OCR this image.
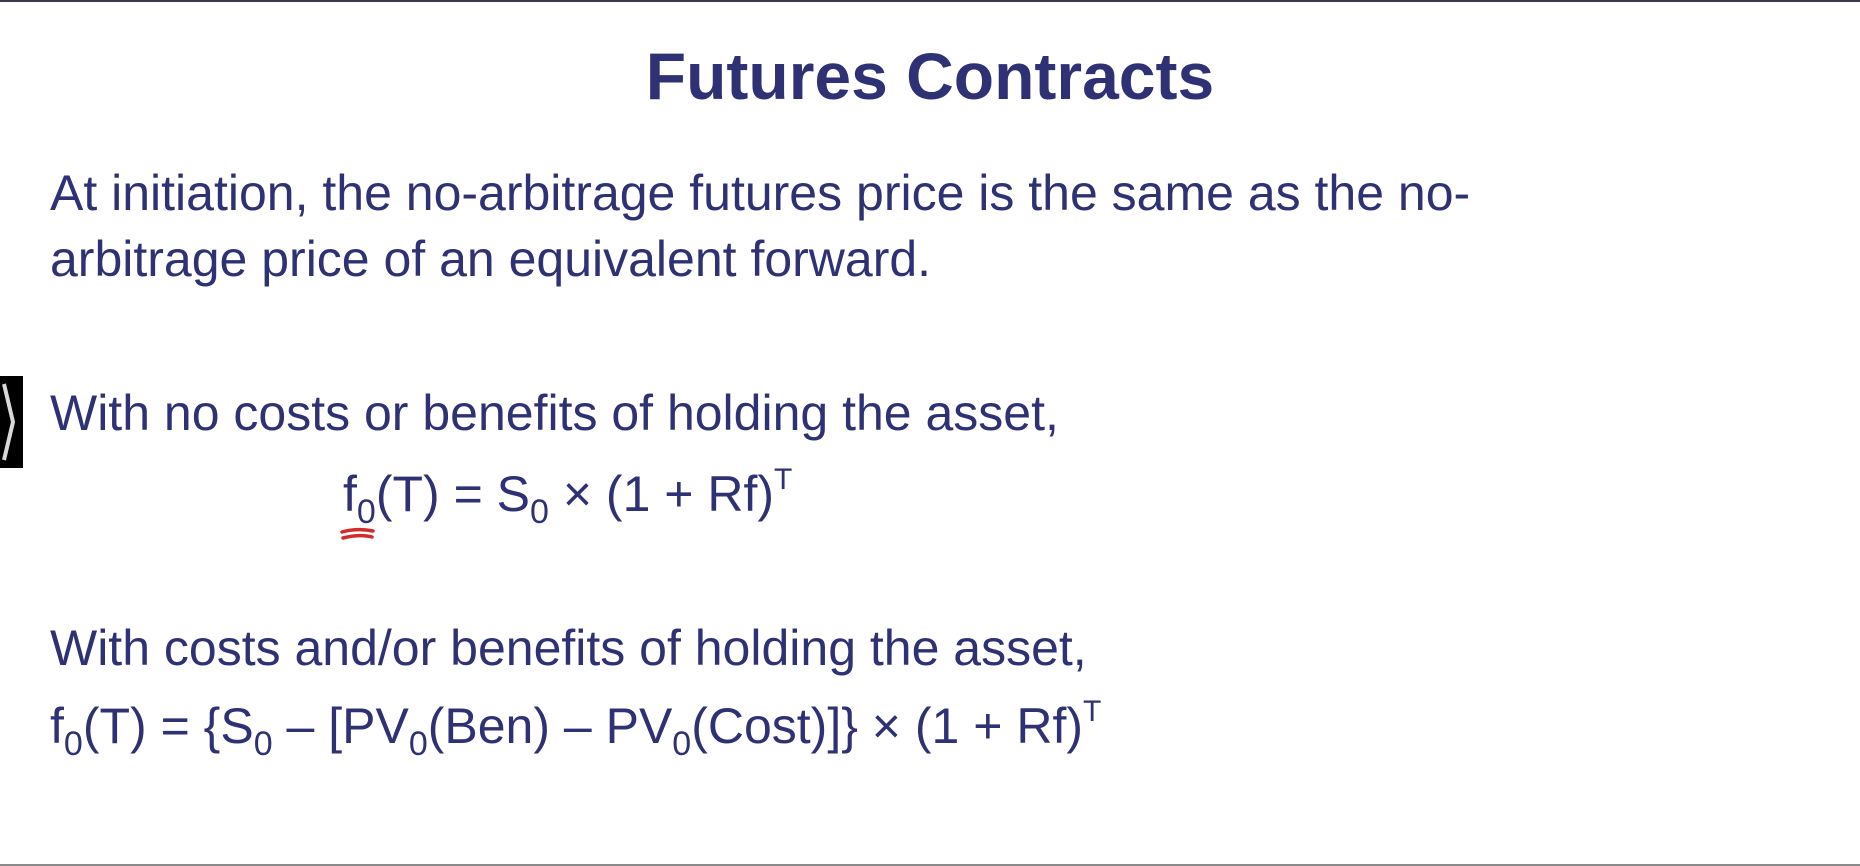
Futures Contracts
At initiation, the no-arbitrage futures price is the same as the no-
arbitrage price of an equivalent forward.
With no costs or benefits of holding the asset,
$f_0(T) = S_0 \times (1 + Rf)^T$
With costs and/or benefits of holding the asset,
$f_0(T) = \{S_0 - [PV_0(Ben)$ – $PV_0(Cost)]\} \times (1 + Rf)^T$
